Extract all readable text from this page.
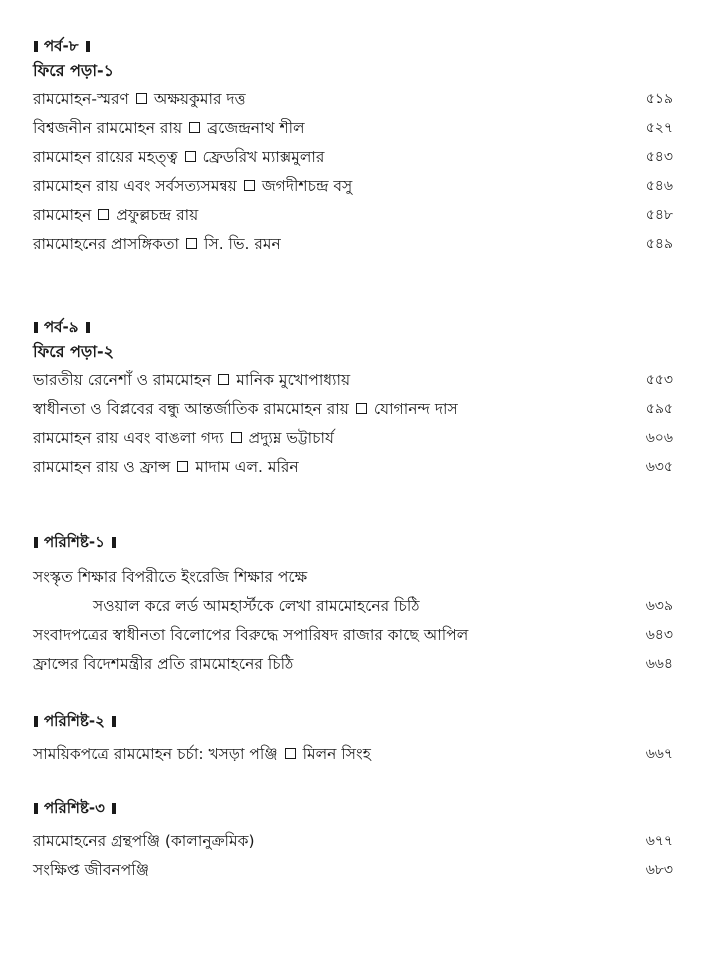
পর্ব-৮
ফিরে পড়া-১
রামমোহন-স্মরণ অক্ষয়কুমার দত্ত	৫১৯
বিশ্বজনীন রামমোহন রায় ব্রজেন্দ্রনাথ শীল	৫২৭
রামমোহন রায়ের মহত্ত্ব ফ্রেডরিখ ম্যাক্সমুলার	৫৪৩
রামমোহন রায় এবং সর্বসত্যসমন্বয় জগদীশচন্দ্র বসু	৫৪৬
রামমোহন প্রফুল্লচন্দ্র রায়	৫৪৮
রামমোহনের প্রাসঙ্গিকতা সি. ভি. রমন	৫৪৯
পর্ব-৯
ফিরে পড়া-২
ভারতীয় রেনেশাঁ ও রামমোহন মানিক মুখোপাধ্যায়	৫৫৩
স্বাধীনতা ও বিপ্লবের বন্ধু আন্তর্জাতিক রামমোহন রায় যোগানন্দ দাস	৫৯৫
রামমোহন রায় এবং বাঙলা গদ্য প্রদ্যুম্ন ভট্টাচার্য	৬০৬
রামমোহন রায় ও ফ্রান্স মাদাম এল. মরিন	৬৩৫
পরিশিষ্ট-১
সংস্কৃত শিক্ষার বিপরীতে ইংরেজি শিক্ষার পক্ষে
সওয়াল করে লর্ড আমহার্স্টকে লেখা রামমোহনের চিঠি	৬৩৯
সংবাদপত্রের স্বাধীনতা বিলোপের বিরুদ্ধে সপারিষদ রাজার কাছে আপিল	৬৪৩
ফ্রান্সের বিদেশমন্ত্রীর প্রতি রামমোহনের চিঠি	৬৬৪
পরিশিষ্ট-২
সাময়িকপত্রে রামমোহন চর্চা: খসড়া পঞ্জি মিলন সিংহ	৬৬৭
পরিশিষ্ট-৩
রামমোহনের গ্রন্থপঞ্জি (কালানুক্রমিক)	৬৭৭
সংক্ষিপ্ত জীবনপঞ্জি	৬৮৩
